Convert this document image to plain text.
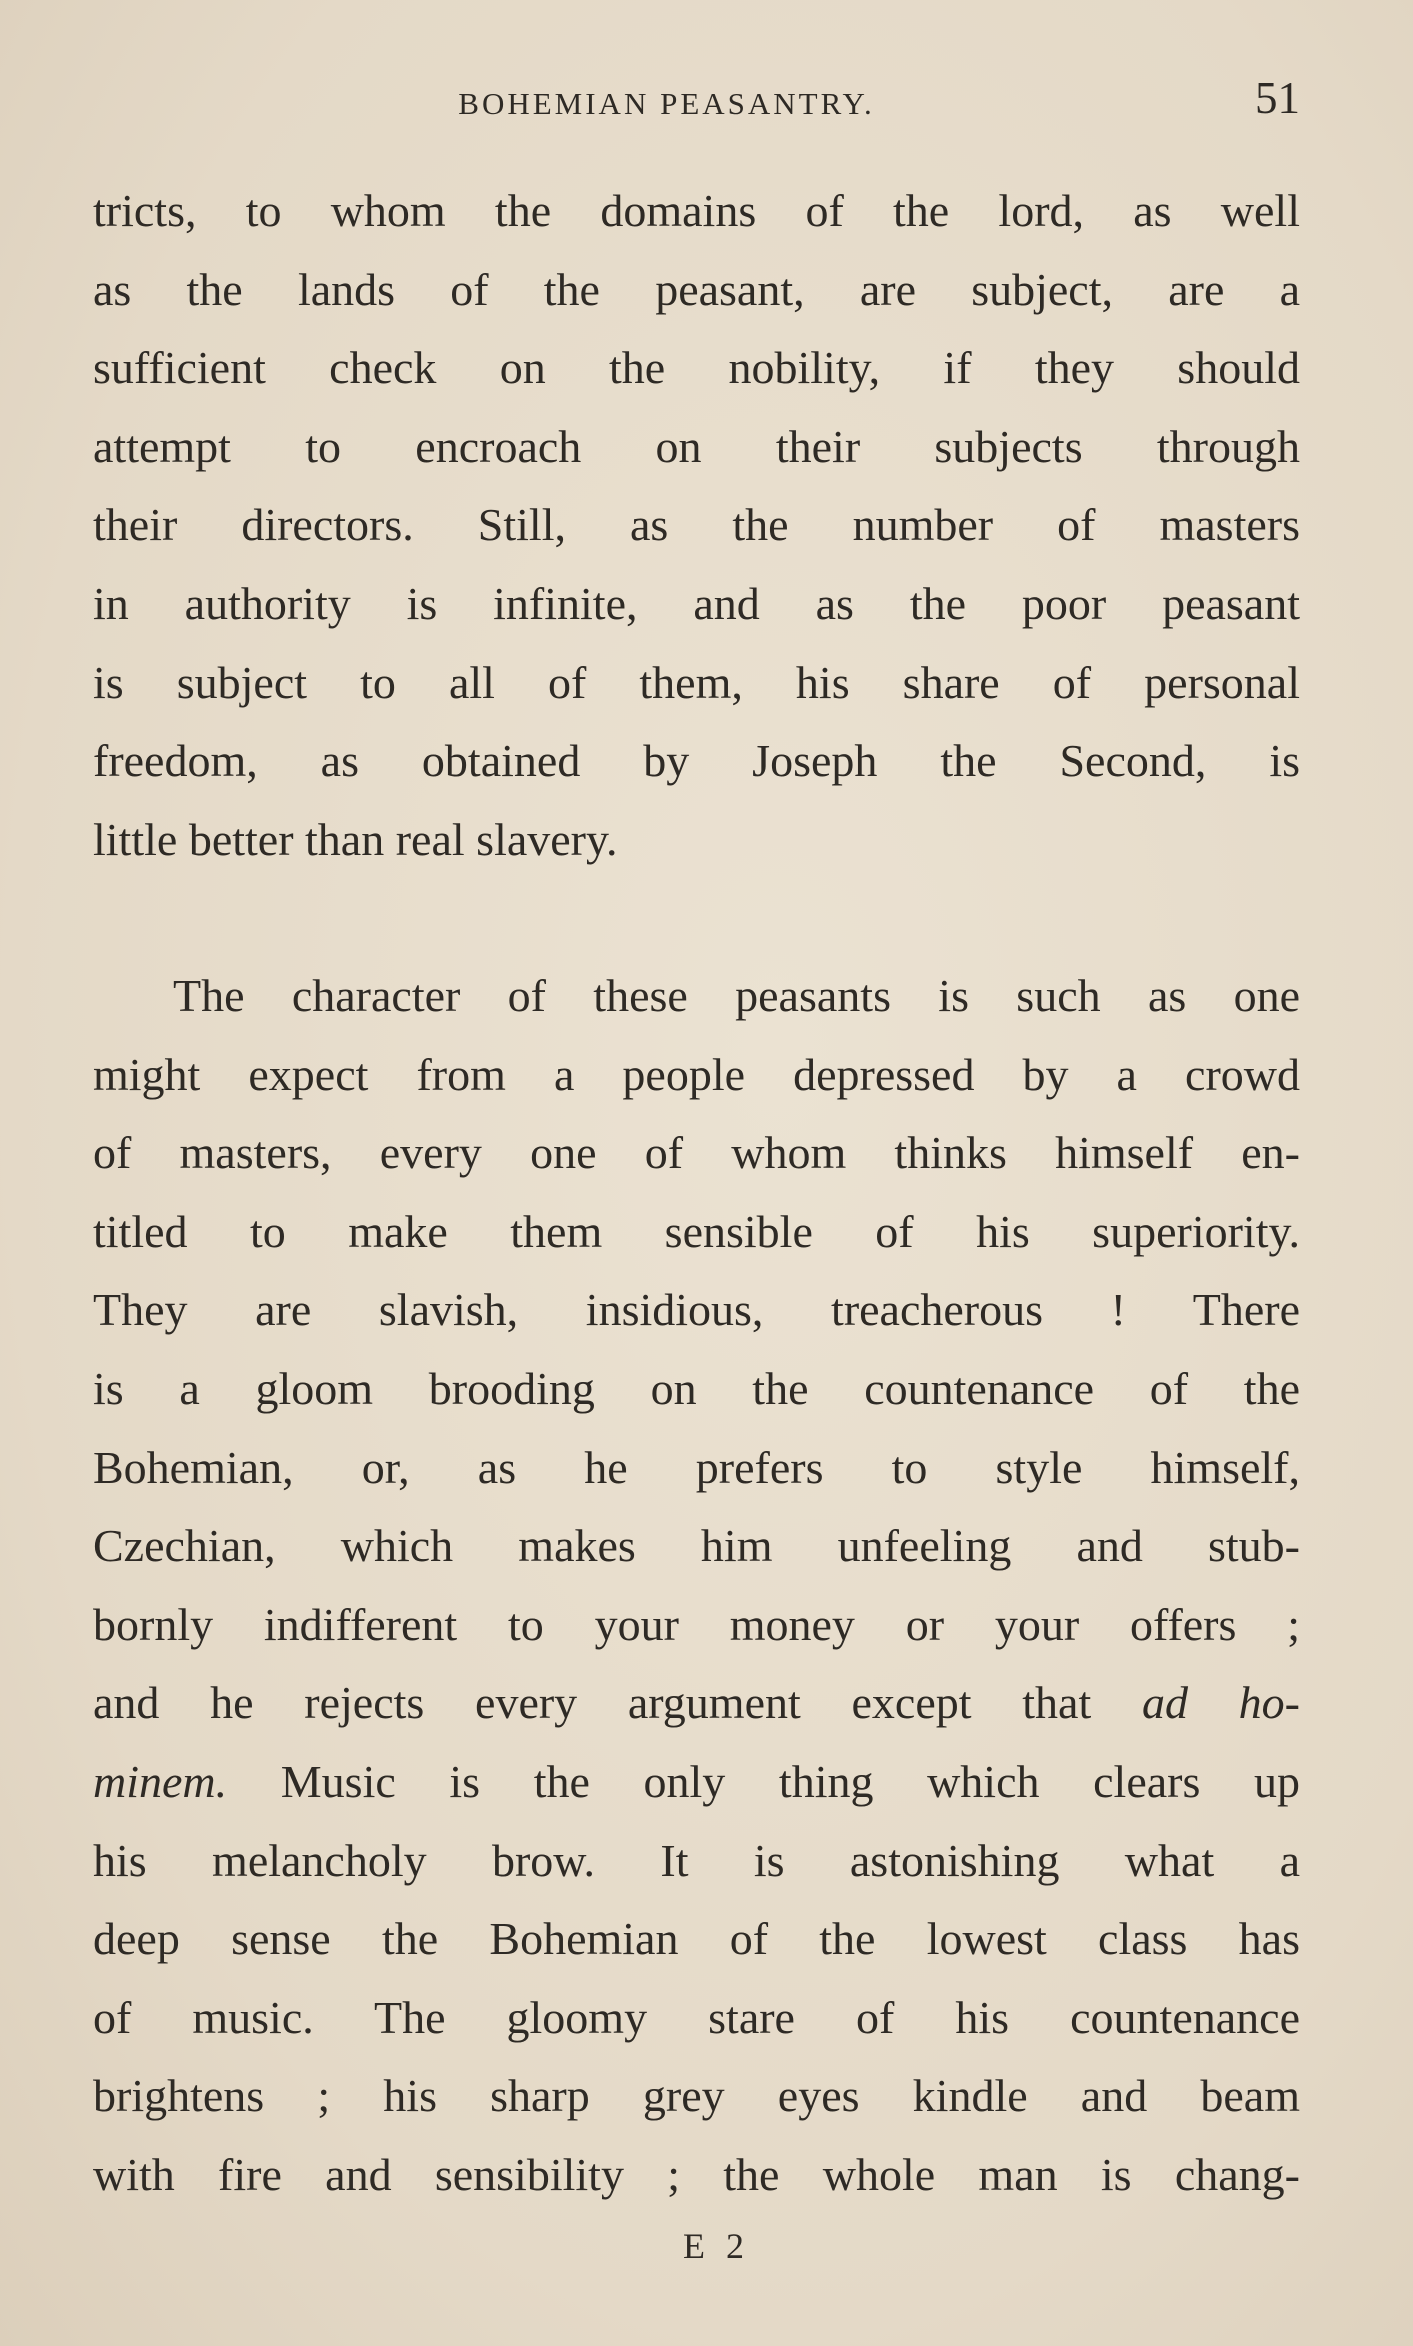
BOHEMIAN PEASANTRY.	51
tricts, to whom the domains of the lord, as well
as the lands of the peasant, are subject, are a
sufficient check on the nobility, if they should
attempt to encroach on their subjects through
their directors. Still, as the number of masters
in authority is infinite, and as the poor peasant
is subject to all of them, his share of personal
freedom, as obtained by Joseph the Second, is
little better than real slavery.
The character of these peasants is such as one
might expect from a people depressed by a crowd
of masters, every one of whom thinks himself en-
titled to make them sensible of his superiority.
They are slavish, insidious, treacherous ! There
is a gloom brooding on the countenance of the
Bohemian, or, as he prefers to style himself,
Czechian, which makes him unfeeling and stub-
bornly indifferent to your money or your offers ;
and he rejects every argument except that ad ho-
minem. Music is the only thing which clears up
his melancholy brow. It is astonishing what a
deep sense the Bohemian of the lowest class has
of music. The gloomy stare of his countenance
brightens ; his sharp grey eyes kindle and beam
with fire and sensibility ; the whole man is chang-
E 2
